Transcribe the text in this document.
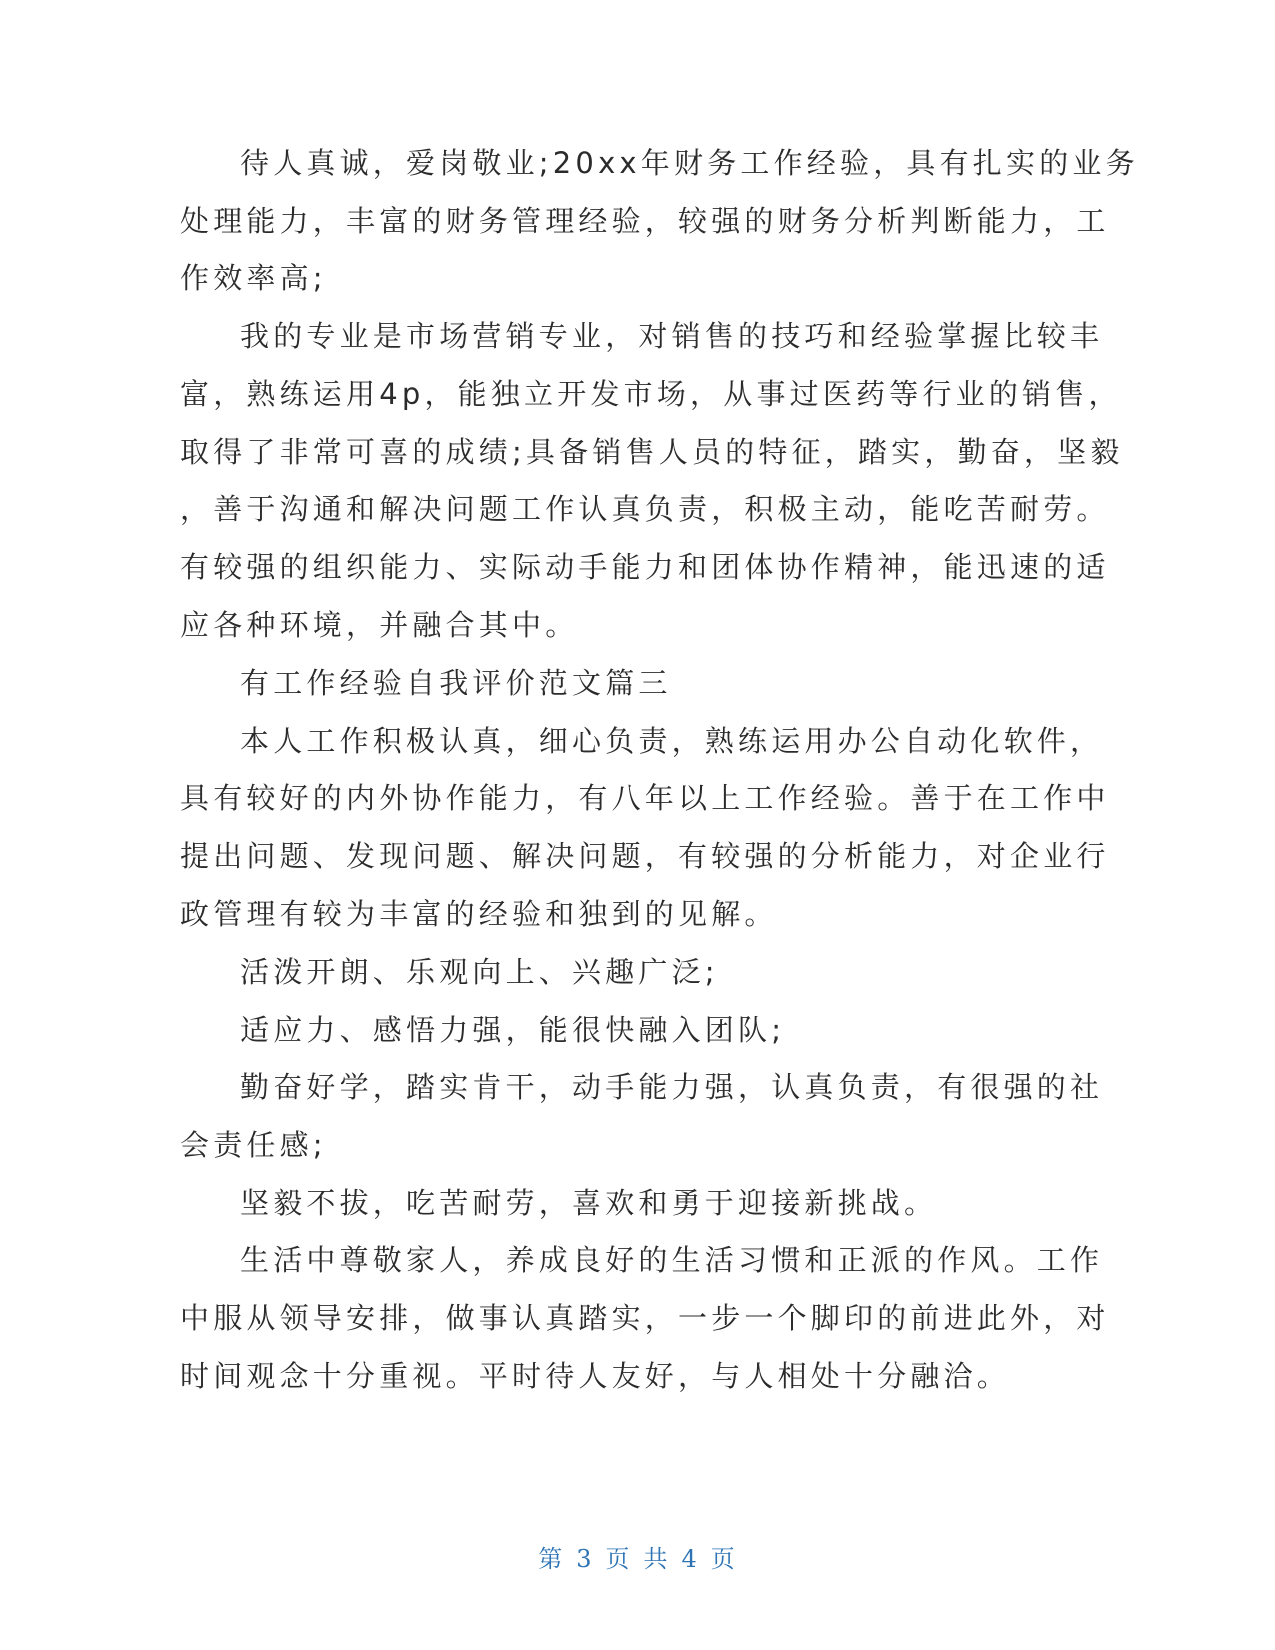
待人真诚，爱岗敬业;20xx年财务工作经验，具有扎实的业务

处理能力，丰富的财务管理经验，较强的财务分析判断能力，工

作效率高;

我的专业是市场营销专业，对销售的技巧和经验掌握比较丰

富，熟练运用4p，能独立开发市场，从事过医药等行业的销售，

取得了非常可喜的成绩;具备销售人员的特征，踏实，勤奋，坚毅

，善于沟通和解决问题工作认真负责，积极主动，能吃苦耐劳。

有较强的组织能力、实际动手能力和团体协作精神，能迅速的适

应各种环境，并融合其中。

有工作经验自我评价范文篇三

本人工作积极认真，细心负责，熟练运用办公自动化软件，

具有较好的内外协作能力，有八年以上工作经验。善于在工作中

提出问题、发现问题、解决问题，有较强的分析能力，对企业行

政管理有较为丰富的经验和独到的见解。

活泼开朗、乐观向上、兴趣广泛;

适应力、感悟力强，能很快融入团队;

勤奋好学，踏实肯干，动手能力强，认真负责，有很强的社

会责任感;

坚毅不拔，吃苦耐劳，喜欢和勇于迎接新挑战。

生活中尊敬家人，养成良好的生活习惯和正派的作风。工作

中服从领导安排，做事认真踏实，一步一个脚印的前进此外，对

时间观念十分重视。平时待人友好，与人相处十分融洽。

第 3 页 共 4 页
